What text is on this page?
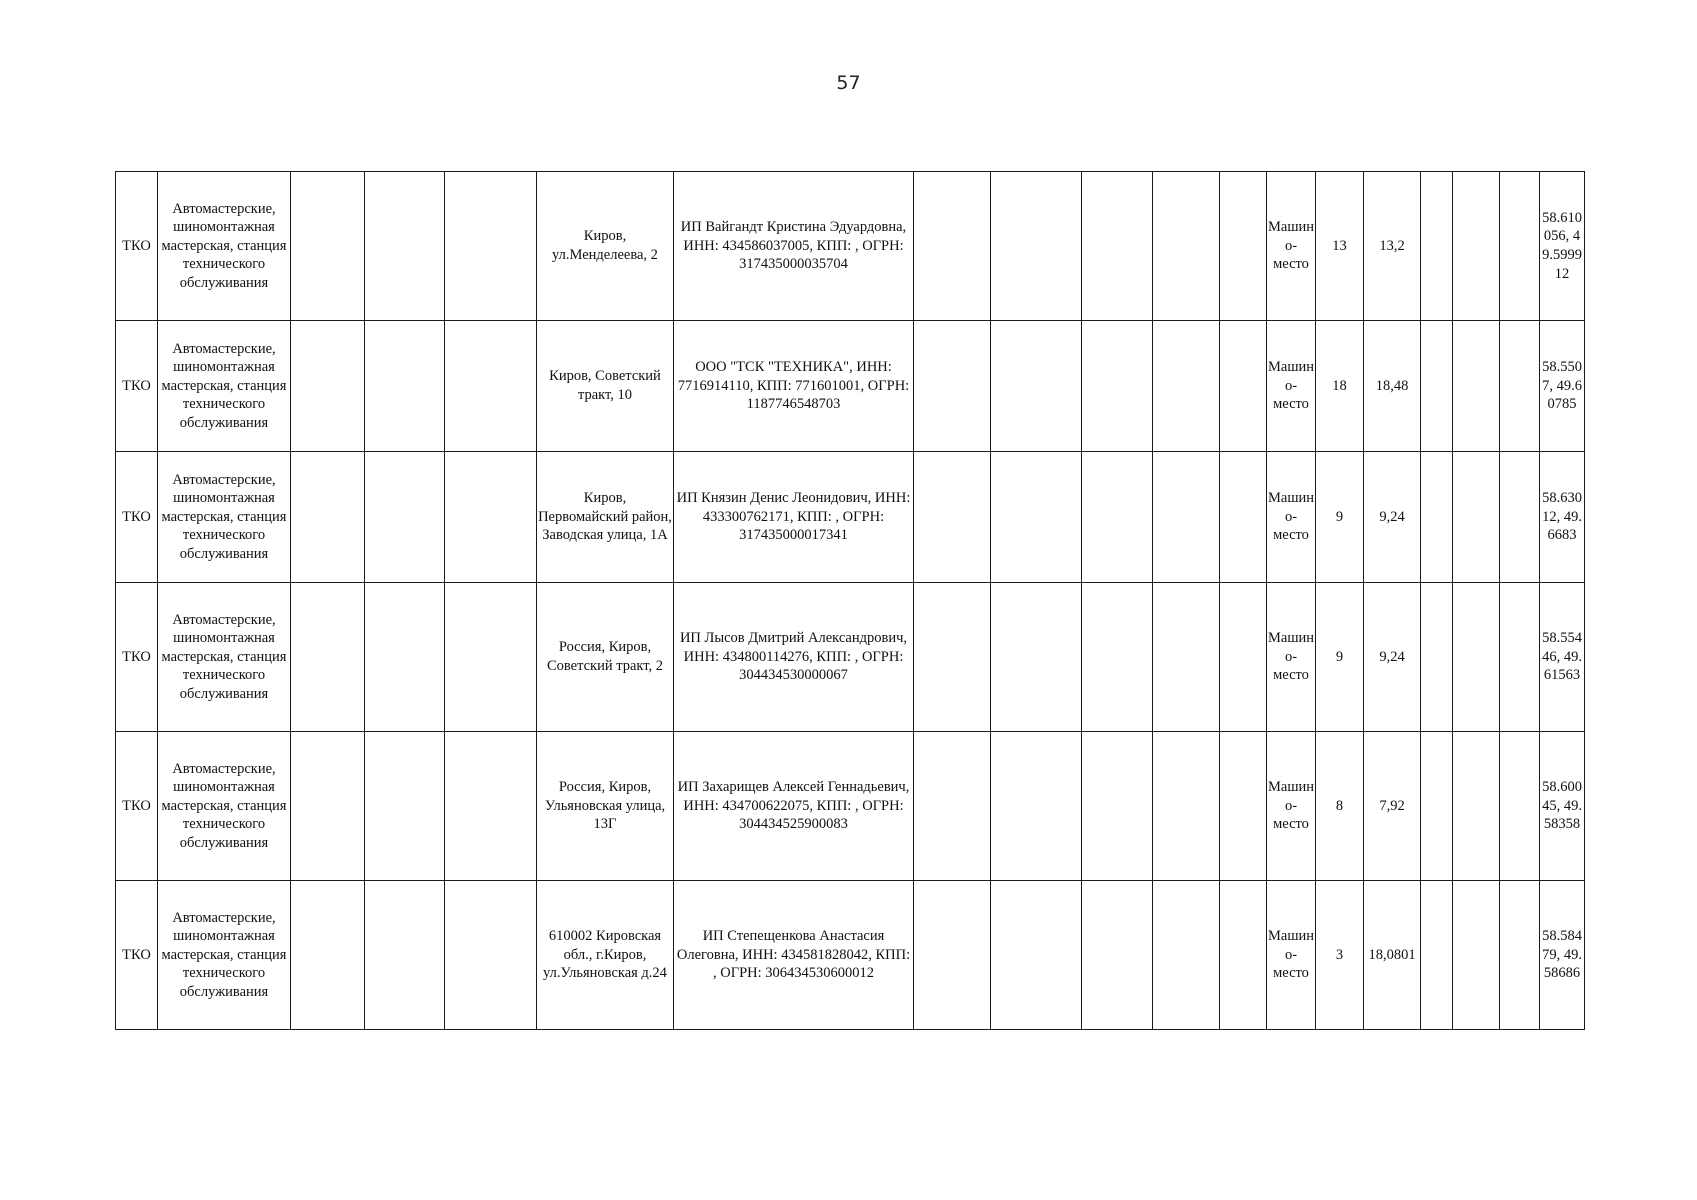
57
ТКО	Автомастерские, шиномонтажная мастерская, станция технического обслуживания				Киров, ул.Менделеева, 2	ИП Вайгандт Кристина Эдуардовна, ИНН: 434586037005, КПП: , ОГРН: 317435000035704						Машино-место	13	13,2				58.610056, 49.599912
ТКО	Автомастерские, шиномонтажная мастерская, станция технического обслуживания				Киров, Советский тракт, 10	ООО "ТСК "ТЕХНИКА", ИНН: 7716914110, КПП: 771601001, ОГРН: 1187746548703						Машино-место	18	18,48				58.5507, 49.60785
ТКО	Автомастерские, шиномонтажная мастерская, станция технического обслуживания				Киров, Первомайский район, Заводская улица, 1А	ИП Князин Денис Леонидович, ИНН: 433300762171, КПП: , ОГРН: 317435000017341						Машино-место	9	9,24				58.63012, 49.6683
ТКО	Автомастерские, шиномонтажная мастерская, станция технического обслуживания				Россия, Киров, Советский тракт, 2	ИП Лысов Дмитрий Александрович, ИНН: 434800114276, КПП: , ОГРН: 304434530000067						Машино-место	9	9,24				58.55446, 49.61563
ТКО	Автомастерские, шиномонтажная мастерская, станция технического обслуживания				Россия, Киров, Ульяновская улица, 13Г	ИП Захарищев Алексей Геннадьевич, ИНН: 434700622075, КПП: , ОГРН: 304434525900083						Машино-место	8	7,92				58.60045, 49.58358
ТКО	Автомастерские, шиномонтажная мастерская, станция технического обслуживания				610002 Кировская обл., г.Киров, ул.Ульяновская д.24	ИП Степещенкова Анастасия Олеговна, ИНН: 434581828042, КПП: , ОГРН: 306434530600012						Машино-место	3	18,0801				58.58479, 49.58686
